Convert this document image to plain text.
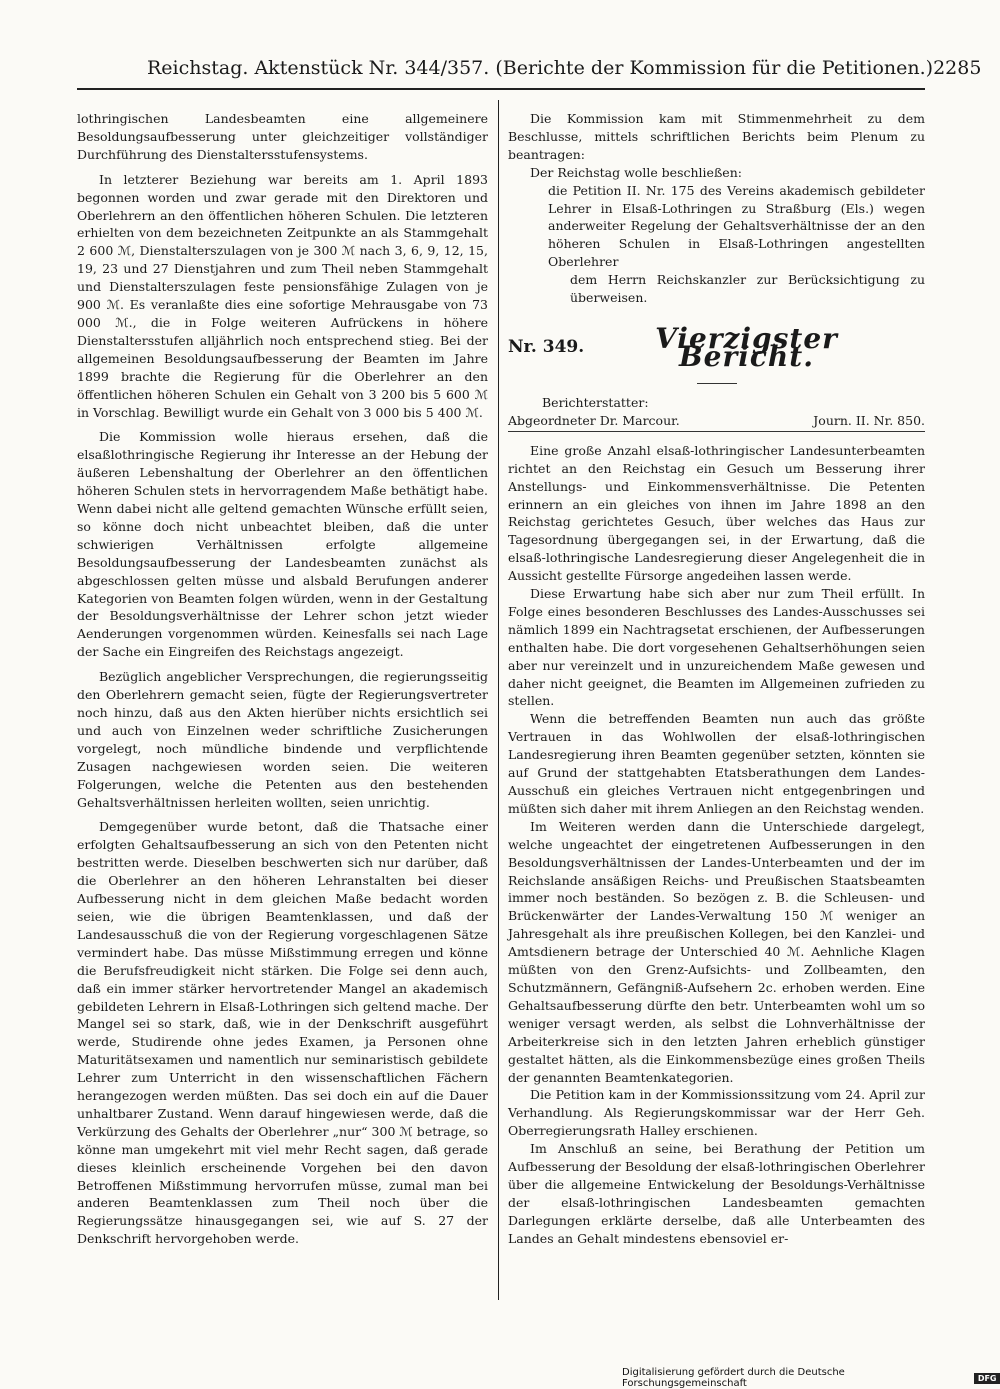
Reichstag. Aktenstück Nr. 344/357. (Berichte der Kommission für die Petitionen.) 2285

lothringischen Landesbeamten eine allgemeinere Besoldungsaufbesserung unter gleichzeitiger vollständiger Durchführung des Dienstaltersstufensystems.

In letzterer Beziehung war bereits am 1. April 1893 begonnen worden und zwar gerade mit den Direktoren und Oberlehrern an den öffentlichen höheren Schulen. Die letzteren erhielten von dem bezeichneten Zeitpunkte an als Stammgehalt 2 600 ℳ, Dienstalterszulagen von je 300 ℳ nach 3, 6, 9, 12, 15, 19, 23 und 27 Dienstjahren und zum Theil neben Stammgehalt und Dienstalterszulagen feste pensionsfähige Zulagen von je 900 ℳ. Es veranlaßte dies eine sofortige Mehrausgabe von 73 000 ℳ., die in Folge weiteren Aufrückens in höhere Dienstaltersstufen alljährlich noch entsprechend stieg. Bei der allgemeinen Besoldungsaufbesserung der Beamten im Jahre 1899 brachte die Regierung für die Oberlehrer an den öffentlichen höheren Schulen ein Gehalt von 3 200 bis 5 600 ℳ in Vorschlag. Bewilligt wurde ein Gehalt von 3 000 bis 5 400 ℳ.

Die Kommission wolle hieraus ersehen, daß die elsaßlothringische Regierung ihr Interesse an der Hebung der äußeren Lebenshaltung der Oberlehrer an den öffentlichen höheren Schulen stets in hervorragendem Maße bethätigt habe. Wenn dabei nicht alle geltend gemachten Wünsche erfüllt seien, so könne doch nicht unbeachtet bleiben, daß die unter schwierigen Verhältnissen erfolgte allgemeine Besoldungsaufbesserung der Landesbeamten zunächst als abgeschlossen gelten müsse und alsbald Berufungen anderer Kategorien von Beamten folgen würden, wenn in der Gestaltung der Besoldungsverhältnisse der Lehrer schon jetzt wieder Aenderungen vorgenommen würden. Keinesfalls sei nach Lage der Sache ein Eingreifen des Reichstags angezeigt.

Bezüglich angeblicher Versprechungen, die regierungsseitig den Oberlehrern gemacht seien, fügte der Regierungsvertreter noch hinzu, daß aus den Akten hierüber nichts ersichtlich sei und auch von Einzelnen weder schriftliche Zusicherungen vorgelegt, noch mündliche bindende und verpflichtende Zusagen nachgewiesen worden seien. Die weiteren Folgerungen, welche die Petenten aus den bestehenden Gehaltsverhältnissen herleiten wollten, seien unrichtig.

Demgegenüber wurde betont, daß die Thatsache einer erfolgten Gehaltsaufbesserung an sich von den Petenten nicht bestritten werde. Dieselben beschwerten sich nur darüber, daß die Oberlehrer an den höheren Lehranstalten bei dieser Aufbesserung nicht in dem gleichen Maße bedacht worden seien, wie die übrigen Beamtenklassen, und daß der Landesausschuß die von der Regierung vorgeschlagenen Sätze vermindert habe. Das müsse Mißstimmung erregen und könne die Berufsfreudigkeit nicht stärken. Die Folge sei denn auch, daß ein immer stärker hervortretender Mangel an akademisch gebildeten Lehrern in Elsaß-Lothringen sich geltend mache. Der Mangel sei so stark, daß, wie in der Denkschrift ausgeführt werde, Studirende ohne jedes Examen, ja Personen ohne Maturitätsexamen und namentlich nur seminaristisch gebildete Lehrer zum Unterricht in den wissenschaftlichen Fächern herangezogen werden müßten. Das sei doch ein auf die Dauer unhaltbarer Zustand. Wenn darauf hingewiesen werde, daß die Verkürzung des Gehalts der Oberlehrer „nur“ 300 ℳ betrage, so könne man umgekehrt mit viel mehr Recht sagen, daß gerade dieses kleinlich erscheinende Vorgehen bei den davon Betroffenen Mißstimmung hervorrufen müsse, zumal man bei anderen Beamtenklassen zum Theil noch über die Regierungssätze hinausgegangen sei, wie auf S. 27 der Denkschrift hervorgehoben werde.

Die Kommission kam mit Stimmenmehrheit zu dem Beschlusse, mittels schriftlichen Berichts beim Plenum zu beantragen:

Der Reichstag wolle beschließen:

die Petition II. Nr. 175 des Vereins akademisch gebildeter Lehrer in Elsaß-Lothringen zu Straßburg (Els.) wegen anderweiter Regelung der Gehaltsverhältnisse der an den höheren Schulen in Elsaß-Lothringen angestellten Oberlehrer

dem Herrn Reichskanzler zur Berücksichtigung zu überweisen.

Nr. 349.	Vierzigster Bericht.
Berichterstatter:
Abgeordneter Dr. Marcour.	Journ. II. Nr. 850.

Eine große Anzahl elsaß-lothringischer Landesunterbeamten richtet an den Reichstag ein Gesuch um Besserung ihrer Anstellungs- und Einkommensverhältnisse. Die Petenten erinnern an ein gleiches von ihnen im Jahre 1898 an den Reichstag gerichtetes Gesuch, über welches das Haus zur Tagesordnung übergegangen sei, in der Erwartung, daß die elsaß-lothringische Landesregierung dieser Angelegenheit die in Aussicht gestellte Fürsorge angedeihen lassen werde.

Diese Erwartung habe sich aber nur zum Theil erfüllt. In Folge eines besonderen Beschlusses des Landes-Ausschusses sei nämlich 1899 ein Nachtragsetat erschienen, der Aufbesserungen enthalten habe. Die dort vorgesehenen Gehaltserhöhungen seien aber nur vereinzelt und in unzureichendem Maße gewesen und daher nicht geeignet, die Beamten im Allgemeinen zufrieden zu stellen.

Wenn die betreffenden Beamten nun auch das größte Vertrauen in das Wohlwollen der elsaß-lothringischen Landesregierung ihren Beamten gegenüber setzten, könnten sie auf Grund der stattgehabten Etatsberathungen dem Landes-Ausschuß ein gleiches Vertrauen nicht entgegenbringen und müßten sich daher mit ihrem Anliegen an den Reichstag wenden.

Im Weiteren werden dann die Unterschiede dargelegt, welche ungeachtet der eingetretenen Aufbesserungen in den Besoldungsverhältnissen der Landes-Unterbeamten und der im Reichslande ansäßigen Reichs- und Preußischen Staatsbeamten immer noch beständen. So bezögen z. B. die Schleusen- und Brückenwärter der Landes-Verwaltung 150 ℳ weniger an Jahresgehalt als ihre preußischen Kollegen, bei den Kanzlei- und Amtsdienern betrage der Unterschied 40 ℳ. Aehnliche Klagen müßten von den Grenz-Aufsichts- und Zollbeamten, den Schutzmännern, Gefängniß-Aufsehern 2c. erhoben werden. Eine Gehaltsaufbesserung dürfte den betr. Unterbeamten wohl um so weniger versagt werden, als selbst die Lohnverhältnisse der Arbeiterkreise sich in den letzten Jahren erheblich günstiger gestaltet hätten, als die Einkommensbezüge eines großen Theils der genannten Beamtenkategorien.

Die Petition kam in der Kommissionssitzung vom 24. April zur Verhandlung. Als Regierungskommissar war der Herr Geh. Oberregierungsrath Halley erschienen.

Im Anschluß an seine, bei Berathung der Petition um Aufbesserung der Besoldung der elsaß-lothringischen Oberlehrer über die allgemeine Entwickelung der Besoldungs-Verhältnisse der elsaß-lothringischen Landesbeamten gemachten Darlegungen erklärte derselbe, daß alle Unterbeamten des Landes an Gehalt mindestens ebensoviel er-

Digitalisierung gefördert durch die Deutsche Forschungsgemeinschaft	DFG
